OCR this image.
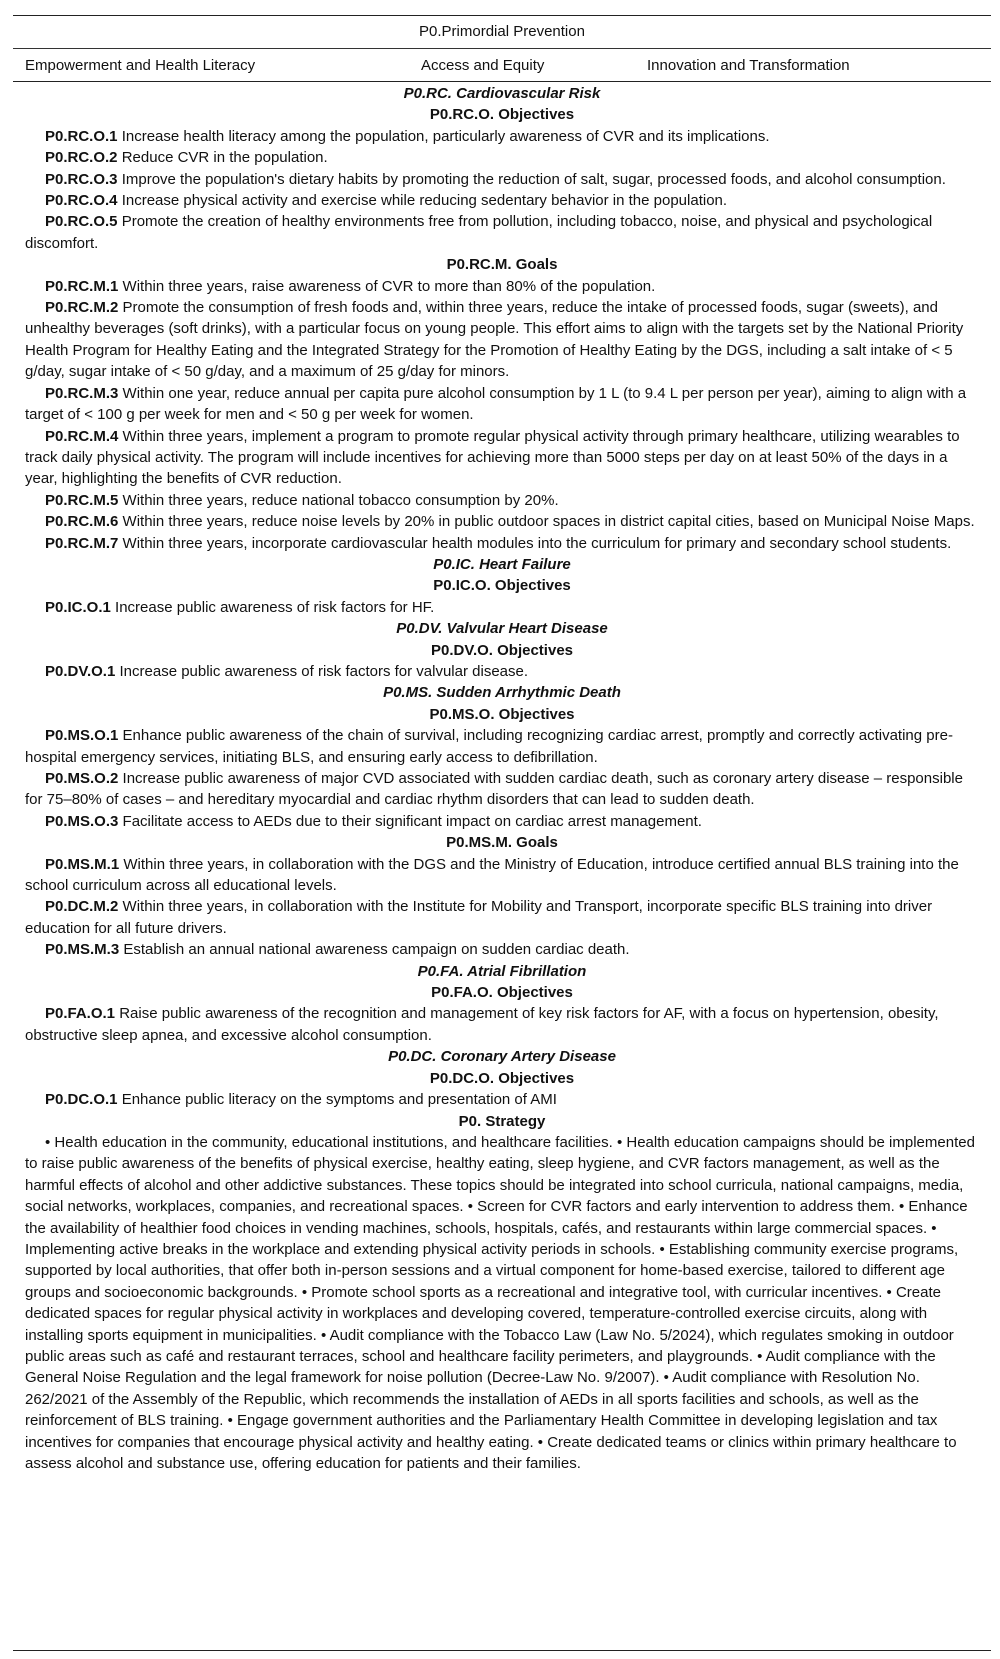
P0.Primordial Prevention
Empowerment and Health Literacy	Access and Equity	Innovation and Transformation
P0.RC. Cardiovascular Risk
P0.RC.O. Objectives
P0.RC.O.1 Increase health literacy among the population, particularly awareness of CVR and its implications.
P0.RC.O.2 Reduce CVR in the population.
P0.RC.O.3 Improve the population's dietary habits by promoting the reduction of salt, sugar, processed foods, and alcohol consumption.
P0.RC.O.4 Increase physical activity and exercise while reducing sedentary behavior in the population.
P0.RC.O.5 Promote the creation of healthy environments free from pollution, including tobacco, noise, and physical and psychological discomfort.
P0.RC.M. Goals
P0.RC.M.1 Within three years, raise awareness of CVR to more than 80% of the population.
P0.RC.M.2 Promote the consumption of fresh foods and, within three years, reduce the intake of processed foods, sugar (sweets), and unhealthy beverages (soft drinks), with a particular focus on young people. This effort aims to align with the targets set by the National Priority Health Program for Healthy Eating and the Integrated Strategy for the Promotion of Healthy Eating by the DGS, including a salt intake of < 5 g/day, sugar intake of < 50 g/day, and a maximum of 25 g/day for minors.
P0.RC.M.3 Within one year, reduce annual per capita pure alcohol consumption by 1 L (to 9.4 L per person per year), aiming to align with a target of < 100 g per week for men and < 50 g per week for women.
P0.RC.M.4 Within three years, implement a program to promote regular physical activity through primary healthcare, utilizing wearables to track daily physical activity. The program will include incentives for achieving more than 5000 steps per day on at least 50% of the days in a year, highlighting the benefits of CVR reduction.
P0.RC.M.5 Within three years, reduce national tobacco consumption by 20%.
P0.RC.M.6 Within three years, reduce noise levels by 20% in public outdoor spaces in district capital cities, based on Municipal Noise Maps.
P0.RC.M.7 Within three years, incorporate cardiovascular health modules into the curriculum for primary and secondary school students.
P0.IC. Heart Failure
P0.IC.O. Objectives
P0.IC.O.1 Increase public awareness of risk factors for HF.
P0.DV. Valvular Heart Disease
P0.DV.O. Objectives
P0.DV.O.1 Increase public awareness of risk factors for valvular disease.
P0.MS. Sudden Arrhythmic Death
P0.MS.O. Objectives
P0.MS.O.1 Enhance public awareness of the chain of survival, including recognizing cardiac arrest, promptly and correctly activating pre-hospital emergency services, initiating BLS, and ensuring early access to defibrillation.
P0.MS.O.2 Increase public awareness of major CVD associated with sudden cardiac death, such as coronary artery disease – responsible for 75–80% of cases – and hereditary myocardial and cardiac rhythm disorders that can lead to sudden death.
P0.MS.O.3 Facilitate access to AEDs due to their significant impact on cardiac arrest management.
P0.MS.M. Goals
P0.MS.M.1 Within three years, in collaboration with the DGS and the Ministry of Education, introduce certified annual BLS training into the school curriculum across all educational levels.
P0.DC.M.2 Within three years, in collaboration with the Institute for Mobility and Transport, incorporate specific BLS training into driver education for all future drivers.
P0.MS.M.3 Establish an annual national awareness campaign on sudden cardiac death.
P0.FA. Atrial Fibrillation
P0.FA.O. Objectives
P0.FA.O.1 Raise public awareness of the recognition and management of key risk factors for AF, with a focus on hypertension, obesity, obstructive sleep apnea, and excessive alcohol consumption.
P0.DC. Coronary Artery Disease
P0.DC.O. Objectives
P0.DC.O.1 Enhance public literacy on the symptoms and presentation of AMI
P0. Strategy
• Health education in the community, educational institutions, and healthcare facilities. • Health education campaigns should be implemented to raise public awareness of the benefits of physical exercise, healthy eating, sleep hygiene, and CVR factors management, as well as the harmful effects of alcohol and other addictive substances. These topics should be integrated into school curricula, national campaigns, media, social networks, workplaces, companies, and recreational spaces. • Screen for CVR factors and early intervention to address them. • Enhance the availability of healthier food choices in vending machines, schools, hospitals, cafés, and restaurants within large commercial spaces. • Implementing active breaks in the workplace and extending physical activity periods in schools. • Establishing community exercise programs, supported by local authorities, that offer both in-person sessions and a virtual component for home-based exercise, tailored to different age groups and socioeconomic backgrounds. • Promote school sports as a recreational and integrative tool, with curricular incentives. • Create dedicated spaces for regular physical activity in workplaces and developing covered, temperature-controlled exercise circuits, along with installing sports equipment in municipalities. • Audit compliance with the Tobacco Law (Law No. 5/2024), which regulates smoking in outdoor public areas such as café and restaurant terraces, school and healthcare facility perimeters, and playgrounds. • Audit compliance with the General Noise Regulation and the legal framework for noise pollution (Decree-Law No. 9/2007). • Audit compliance with Resolution No. 262/2021 of the Assembly of the Republic, which recommends the installation of AEDs in all sports facilities and schools, as well as the reinforcement of BLS training. • Engage government authorities and the Parliamentary Health Committee in developing legislation and tax incentives for companies that encourage physical activity and healthy eating. • Create dedicated teams or clinics within primary healthcare to assess alcohol and substance use, offering education for patients and their families.
